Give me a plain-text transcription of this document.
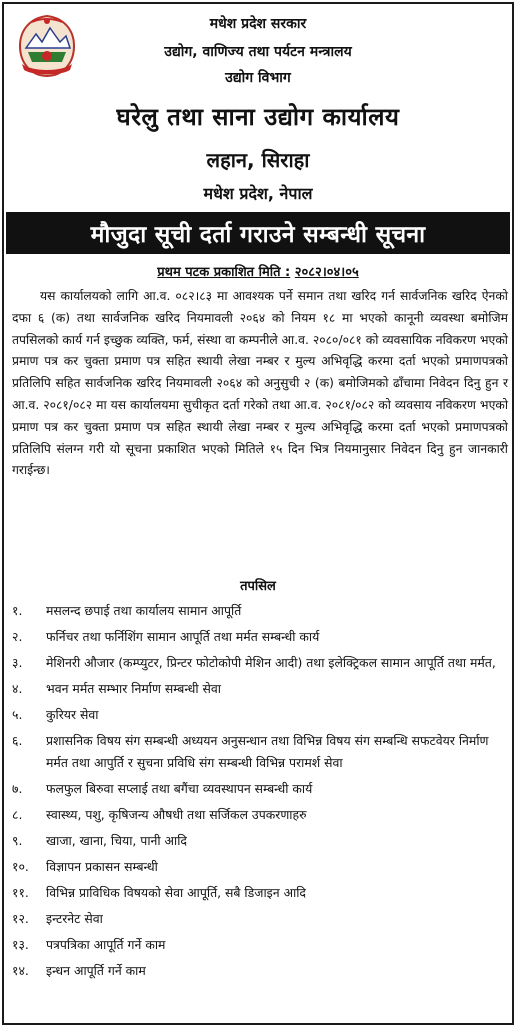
मधेश प्रदेश सरकार
उद्योग, वाणिज्य तथा पर्यटन मन्त्रालय
उद्योग विभाग
घरेलु तथा साना उद्योग कार्यालय
लहान, सिराहा
मधेश प्रदेश, नेपाल
मौजुदा सूची दर्ता गराउने सम्बन्धी सूचना
प्रथम पटक प्रकाशित मिति : २०८२।०४।०५

यस कार्यालयको लागि आ.व. ०८२।८३ मा आवश्यक पर्ने समान तथा खरिद गर्न सार्वजनिक खरिद ऐनको दफा ६ (क) तथा सार्वजनिक खरिद नियमावली २०६४ को नियम १८ मा भएको कानूनी व्यवस्था बमोजिम तपसिलको कार्य गर्न इच्छुक व्यक्ति, फर्म, संस्था वा कम्पनीले आ.व. २०८०/०८१ को व्यवसायिक नविकरण भएको प्रमाण पत्र कर चुक्ता प्रमाण पत्र सहित स्थायी लेखा नम्बर र मुल्य अभिवृद्धि करमा दर्ता भएको प्रमाणपत्रको प्रतिलिपि सहित सार्वजनिक खरिद नियमावली २०६४ को अनुसुची २ (क) बमोजिमको ढाँचामा निवेदन दिनु हुन र आ.व. २०८१/०८२ मा यस कार्यालयमा सुचीकृत दर्ता गरेको तथा आ.व. २०८१/०८२ को व्यवसाय नविकरण भएको प्रमाण पत्र कर चुक्ता प्रमाण पत्र सहित स्थायी लेखा नम्बर र मुल्य अभिवृद्धि करमा दर्ता भएको प्रमाणपत्रको प्रतिलिपि संलग्न गरी यो सूचना प्रकाशित भएको मितिले १५ दिन भित्र नियमानुसार निवेदन दिनु हुन जानकारी गराईन्छ।

तपसिल
१.	मसलन्द छपाई तथा कार्यालय सामान आपूर्ति
२.	फर्निचर तथा फर्निशिंग सामान आपूर्ति तथा मर्मत सम्बन्धी कार्य
३.	मेशिनरी औजार (कम्प्युटर, प्रिन्टर फोटोकोपी मेशिन आदी) तथा इलेक्ट्रिकल सामान आपूर्ति तथा मर्मत,
४.	भवन मर्मत सम्भार निर्माण सम्बन्धी सेवा
५.	कुरियर सेवा
६.	प्रशासनिक विषय संग सम्बन्धी अध्ययन अनुसन्धान तथा विभिन्न विषय संग सम्बन्धि सफटवेयर निर्माण मर्मत तथा आपुर्ति र सुचना प्रविधि संग सम्बन्धी विभिन्न परामर्श सेवा
७.	फलफुल बिरुवा सप्लाई तथा बगैंचा व्यवस्थापन सम्बन्धी कार्य
८.	स्वास्थ्य, पशु, कृषिजन्य औषधी तथा सर्जिकल उपकरणाहरु
९.	खाजा, खाना, चिया, पानी आदि
१०.	विज्ञापन प्रकासन सम्बन्धी
११.	विभिन्न प्राविधिक विषयको सेवा आपूर्ति, सबै डिजाइन आदि
१२.	इन्टरनेट सेवा
१३.	पत्रपत्रिका आपूर्ति गर्ने काम
१४.	इन्धन आपूर्ति गर्ने काम
